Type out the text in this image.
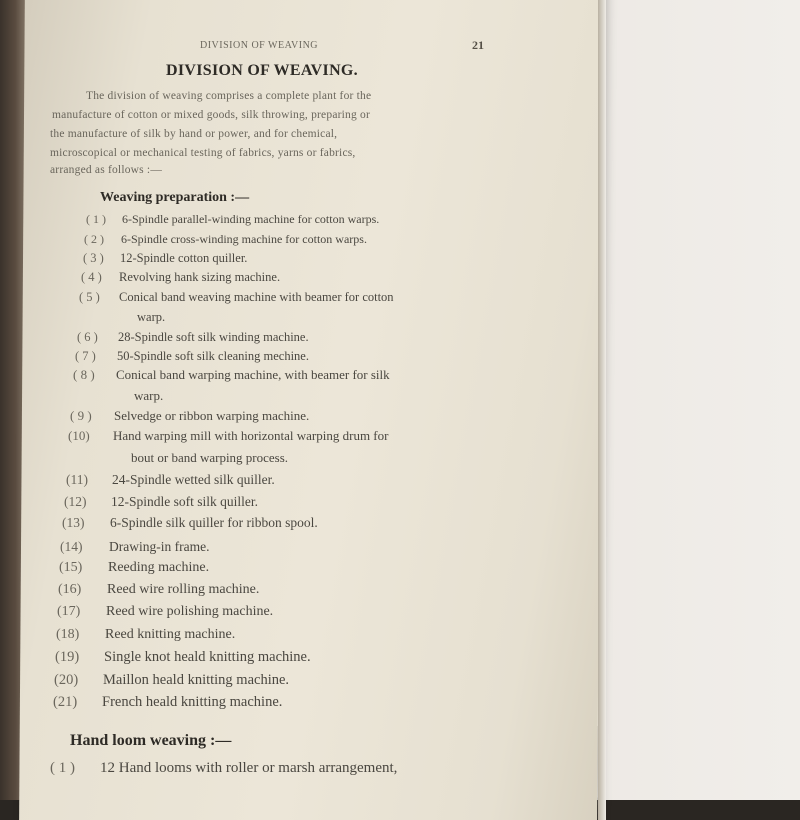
DIVISION OF WEAVING	21
DIVISION OF WEAVING.
The division of weaving comprises a complete plant for the
manufacture of cotton or mixed goods, silk throwing, preparing or
the manufacture of silk by hand or power, and for chemical,
microscopical or mechanical testing of fabrics, yarns or fabrics,
arranged as follows :—
Weaving preparation :—
( 1 ) 6-Spindle parallel-winding machine for cotton warps.
( 2 ) 6-Spindle cross-winding machine for cotton warps.
( 3 ) 12-Spindle cotton quiller.
( 4 ) Revolving hank sizing machine.
( 5 ) Conical band weaving machine with beamer for cotton
warp.
( 6 ) 28-Spindle soft silk winding machine.
( 7 ) 50-Spindle soft silk cleaning mechine.
( 8 ) Conical band warping machine, with beamer for silk
warp.
( 9 ) Selvedge or ribbon warping machine.
(10) Hand warping mill with horizontal warping drum for
bout or band warping process.
(11) 24-Spindle wetted silk quiller.
(12) 12-Spindle soft silk quiller.
(13) 6-Spindle silk quiller for ribbon spool.
(14) Drawing-in frame.
(15) Reeding machine.
(16) Reed wire rolling machine.
(17) Reed wire polishing machine.
(18) Reed knitting machine.
(19) Single knot heald knitting machine.
(20) Maillon heald knitting machine.
(21) French heald knitting machine.
Hand loom weaving :—
( 1 ) 12 Hand looms with roller or marsh arrangement,
